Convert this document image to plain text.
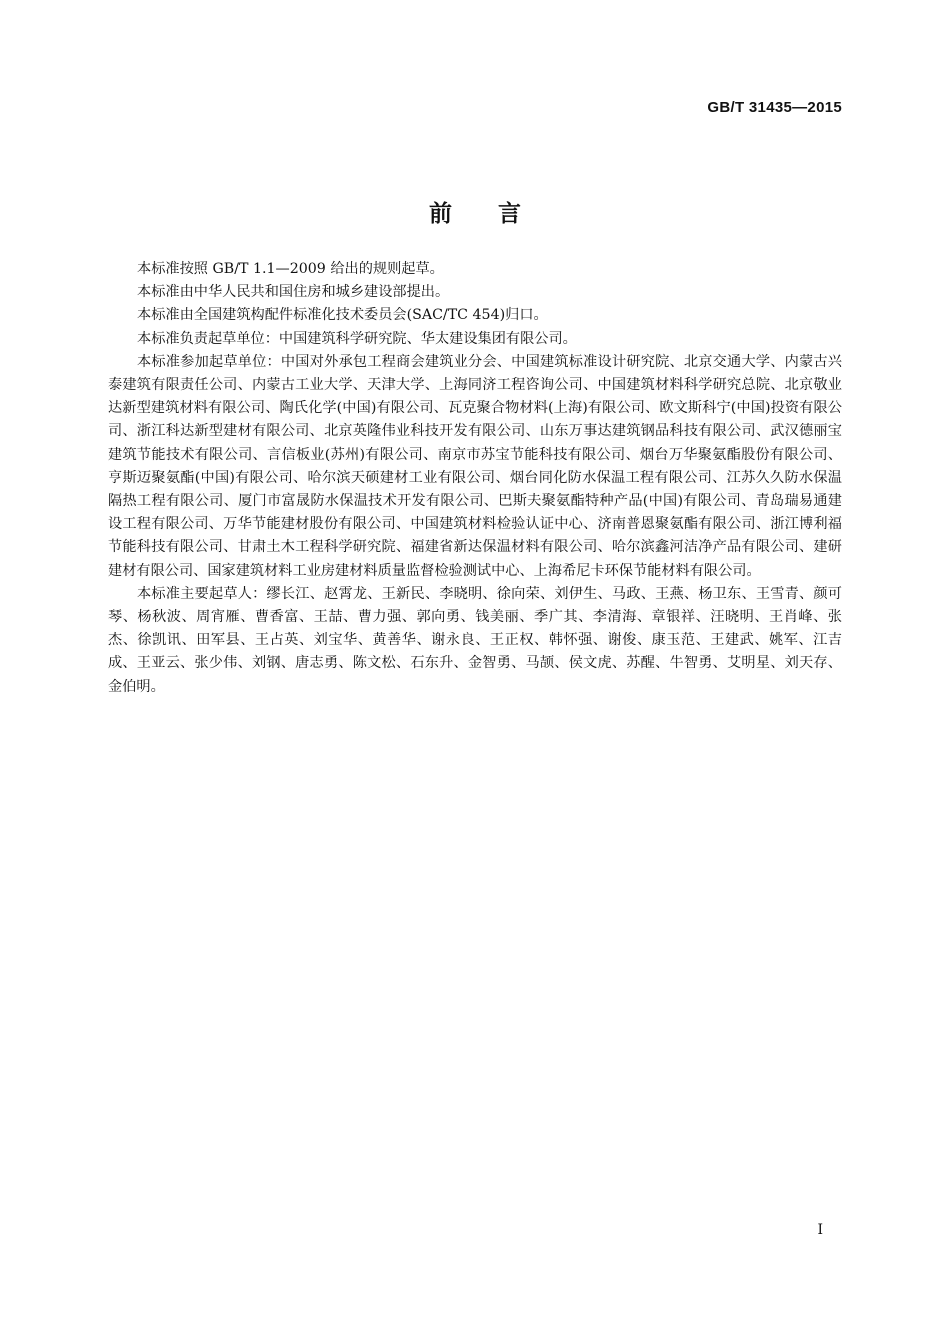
GB/T 31435—2015
前言

本标准按照 GB/T 1.1—2009 给出的规则起草。

本标准由中华人民共和国住房和城乡建设部提出。

本标准由全国建筑构配件标准化技术委员会(SAC/TC 454)归口。

本标准负责起草单位：中国建筑科学研究院、华太建设集团有限公司。

本标准参加起草单位：中国对外承包工程商会建筑业分会、中国建筑标准设计研究院、北京交通大学、内蒙古兴泰建筑有限责任公司、内蒙古工业大学、天津大学、上海同济工程咨询公司、中国建筑材料科学研究总院、北京敬业达新型建筑材料有限公司、陶氏化学(中国)有限公司、瓦克聚合物材料(上海)有限公司、欧文斯科宁(中国)投资有限公司、浙江科达新型建材有限公司、北京英隆伟业科技开发有限公司、山东万事达建筑钢品科技有限公司、武汉德丽宝建筑节能技术有限公司、言信板业(苏州)有限公司、南京市苏宝节能科技有限公司、烟台万华聚氨酯股份有限公司、亨斯迈聚氨酯(中国)有限公司、哈尔滨天硕建材工业有限公司、烟台同化防水保温工程有限公司、江苏久久防水保温隔热工程有限公司、厦门市富晟防水保温技术开发有限公司、巴斯夫聚氨酯特种产品(中国)有限公司、青岛瑞易通建设工程有限公司、万华节能建材股份有限公司、中国建筑材料检验认证中心、济南普恩聚氨酯有限公司、浙江博利福节能科技有限公司、甘肃土木工程科学研究院、福建省新达保温材料有限公司、哈尔滨鑫河洁净产品有限公司、建研建材有限公司、国家建筑材料工业房建材料质量监督检验测试中心、上海希尼卡环保节能材料有限公司。

本标准主要起草人：缪长江、赵霄龙、王新民、李晓明、徐向荣、刘伊生、马政、王燕、杨卫东、王雪青、颜可琴、杨秋波、周宵雁、曹香富、王喆、曹力强、郭向勇、钱美丽、季广其、李清海、章银祥、汪晓明、王肖峰、张杰、徐凯讯、田军县、王占英、刘宝华、黄善华、谢永良、王正权、韩怀强、谢俊、康玉范、王建武、姚军、江吉成、王亚云、张少伟、刘钢、唐志勇、陈文松、石东升、金智勇、马颉、侯文虎、苏醒、牛智勇、艾明星、刘天存、金伯明。

I
